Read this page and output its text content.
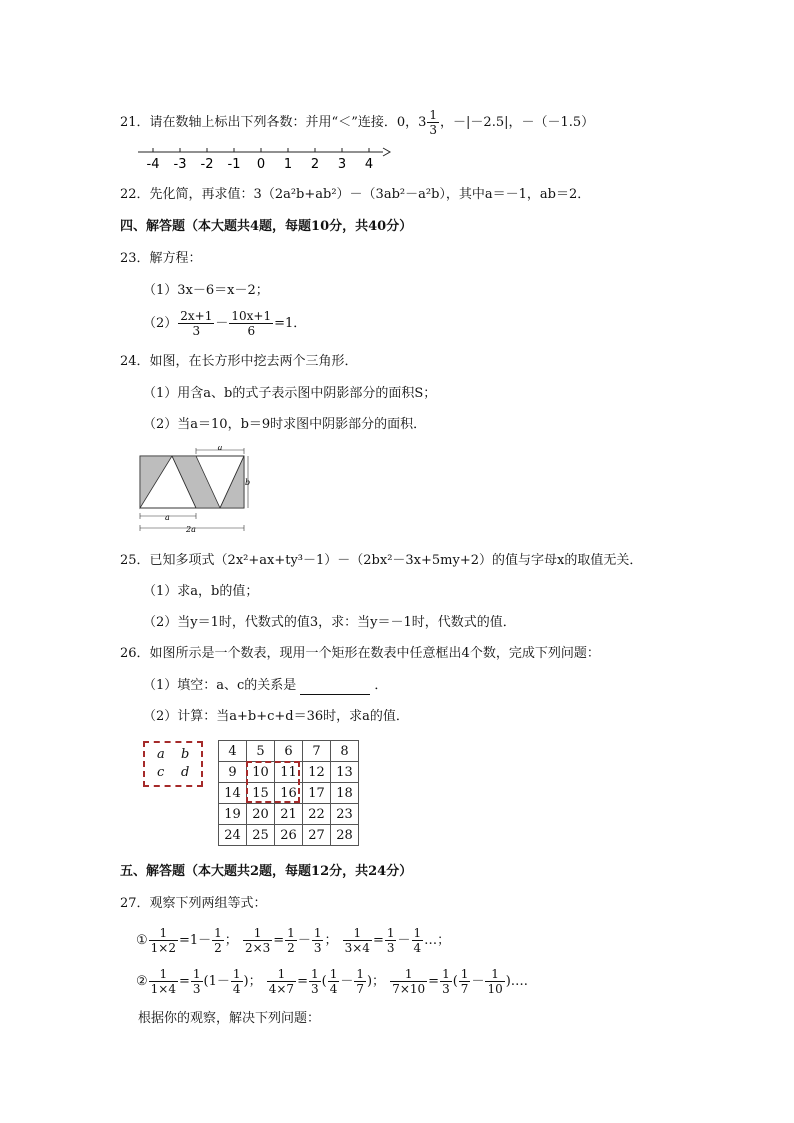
21．请在数轴上标出下列各数：并用“＜”连接．0，$3 \frac{1}{3}$ ，－|－2.5|，－（－1.5）
-4 -3 -2 -1 0 1 2 3 4
22．先化简，再求值：3（2a²b+ab²）－（3ab²－a²b），其中a＝－1，ab＝2．
四、解答题（本大题共4题，每题10分，共40分）
23．解方程：
（1）3x－6＝x－2；
$(2) \frac{2x+1}{3} - \frac{10x+1}{6} =1$．
24．如图，在长方形中挖去两个三角形．
（1）用含a、b的式子表示图中阴影部分的面积S；
（2）当a＝10，b＝9时求图中阴影部分的面积．
a
b
a
2a
25．已知多项式（2x²+ax+ty³－1）－（2bx²－3x+5my+2）的值与字母x的取值无关．
（1）求a，b的值；
（2）当y＝1时，代数式的值3，求：当y＝－1时，代数式的值．
26．如图所示是一个数表，现用一个矩形在数表中任意框出4个数，完成下列问题：
（1）填空：a、c的关系是	．
（2）计算：当a+b+c+d＝36时，求a的值．
a b
c d
4	5	6	7	8
9	10	11	12	13
14	15	16	17	18
19	20	21	22	23
24	25	26	27	28
五、解答题（本大题共2题，每题12分，共24分）
27．观察下列两组等式：
① $\frac{1}{1\times 2} =1- \frac{1}{2}$ ； $\frac{1}{2\times 3} = \frac{1}{2} - \frac{1}{3}$ ； $\frac{1}{3\times 4} = \frac{1}{3} - \frac{1}{4}$ …；
② $\frac{1}{1\times 4} = \frac{1}{3} (1- \frac{1}{4}$ )； $\frac{1}{4\times 7} = \frac{1}{3}$ ( $\frac{1}{4} - \frac{1}{7}$ )； $\frac{1}{7\times 10} = \frac{1}{3}$ ( $\frac{1}{7} - \frac{1}{10}$ )….
根据你的观察，解决下列问题：
